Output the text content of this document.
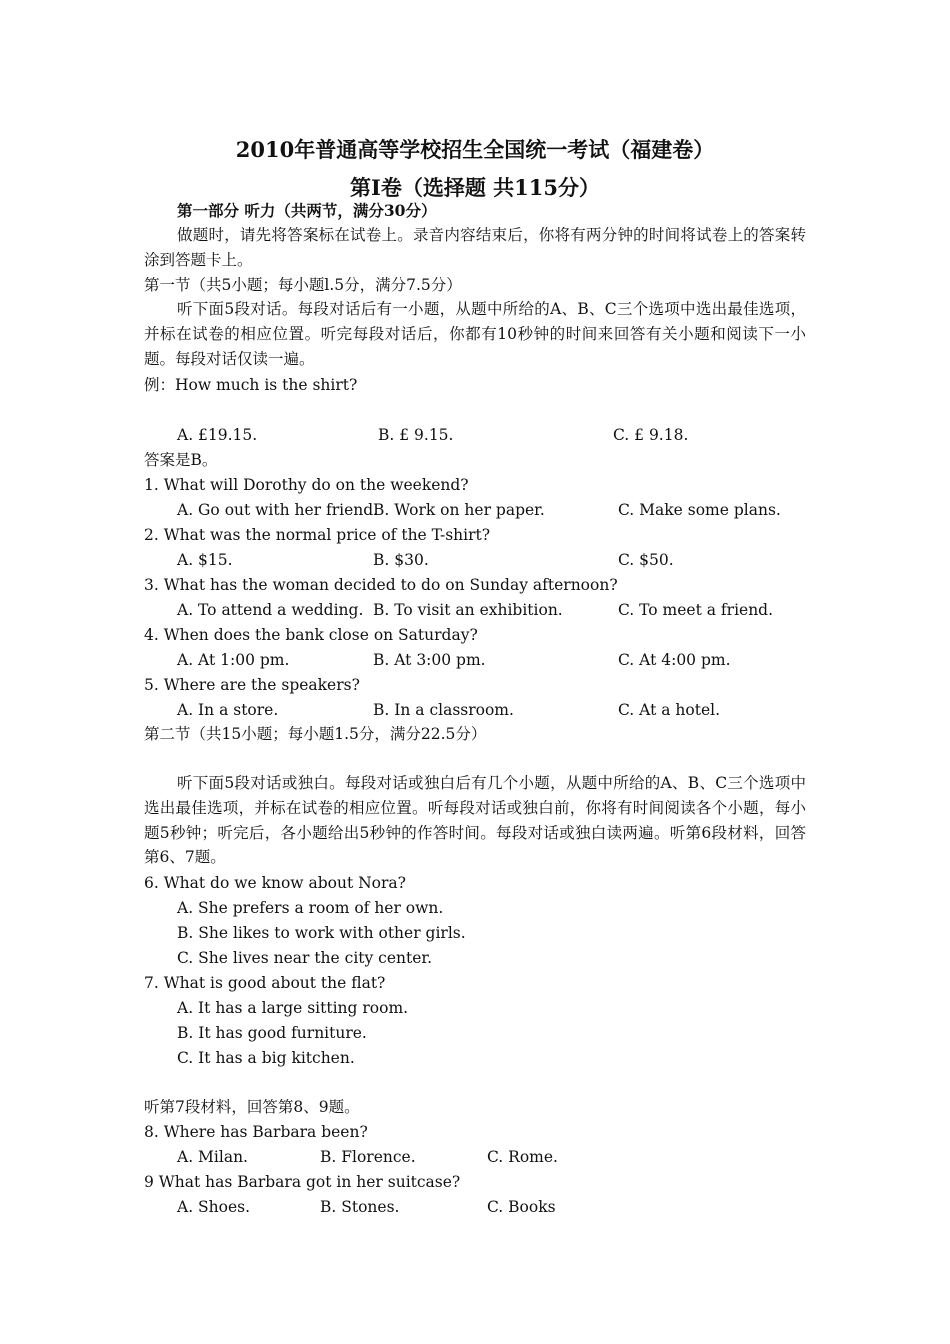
2010年普通高等学校招生全国统一考试（福建卷）
第I卷（选择题 共115分）
第一部分 听力（共两节，满分30分）
做题时，请先将答案标在试卷上。录音内容结束后，你将有两分钟的时间将试卷上的答案转涂到答题卡上。
第一节（共5小题；每小题l.5分，满分7.5分）
听下面5段对话。每段对话后有一小题，从题中所给的A、B、C三个选项中选出最佳选项，并标在试卷的相应位置。听完每段对话后，你都有10秒钟的时间来回答有关小题和阅读下一小题。每段对话仅读一遍。
例：How much is the shirt?
A. £19.15.	B. £ 9.15.	C. £ 9.18.
答案是B。
1. What will Dorothy do on the weekend?
A. Go out with her friend.
B. Work on her paper.	C. Make some plans.
2. What was the normal price of the T-shirt?
A. $15.	B. $30.	C. $50.
3. What has the woman decided to do on Sunday afternoon?
A. To attend a wedding. B. To visit an exhibition.	C. To meet a friend.
4. When does the bank close on Saturday?
A. At 1:00 pm.	B. At 3:00 pm.	C. At 4:00 pm.
5. Where are the speakers?
A. In a store.	B. In a classroom.	C. At a hotel.
第二节（共15小题；每小题1.5分，满分22.5分）
听下面5段对话或独白。每段对话或独白后有几个小题，从题中所给的A、B、C三个选项中选出最佳选项，并标在试卷的相应位置。听每段对话或独白前，你将有时间阅读各个小题，每小题5秒钟；听完后，各小题给出5秒钟的作答时间。每段对话或独白读两遍。听第6段材料，回答第6、7题。
6. What do we know about Nora?
A. She prefers a room of her own.
B. She likes to work with other girls.
C. She lives near the city center.
7. What is good about the flat?
A. It has a large sitting room.
B. It has good furniture.
C. It has a big kitchen.
听第7段材料，回答第8、9题。
8. Where has Barbara been?
A. Milan.	B. Florence.	C. Rome.
9 What has Barbara got in her suitcase?
A. Shoes.	B. Stones.	C. Books
